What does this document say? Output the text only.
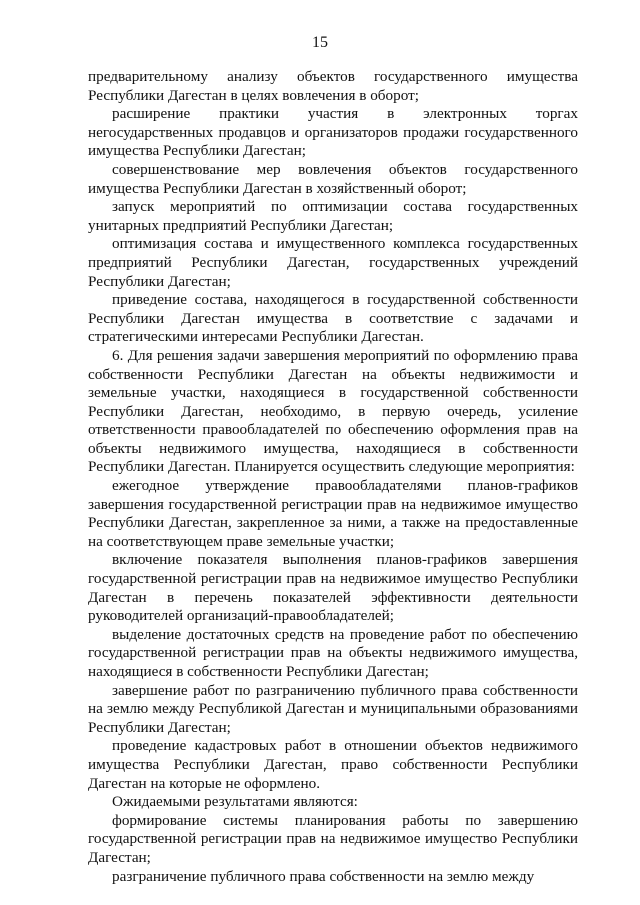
15

предварительному анализу объектов государственного имущества Республики Дагестан в целях вовлечения в оборот;

расширение практики участия в электронных торгах негосударственных продавцов и организаторов продажи государственного имущества Республики Дагестан;

совершенствование мер вовлечения объектов государственного имущества Республики Дагестан в хозяйственный оборот;

запуск мероприятий по оптимизации состава государственных унитарных предприятий Республики Дагестан;

оптимизация состава и имущественного комплекса государственных предприятий Республики Дагестан, государственных учреждений Республики Дагестан;

приведение состава, находящегося в государственной собственности Республики Дагестан имущества в соответствие с задачами и стратегическими интересами Республики Дагестан.

6. Для решения задачи завершения мероприятий по оформлению права собственности Республики Дагестан на объекты недвижимости и земельные участки, находящиеся в государственной собственности Республики Дагестан, необходимо, в первую очередь, усиление ответственности правообладателей по обеспечению оформления прав на объекты недвижимого имущества, находящиеся в собственности Республики Дагестан. Планируется осуществить следующие мероприятия:

ежегодное утверждение правообладателями планов-графиков завершения государственной регистрации прав на недвижимое имущество Республики Дагестан, закрепленное за ними, а также на предоставленные на соответствующем праве земельные участки;

включение показателя выполнения планов-графиков завершения государственной регистрации прав на недвижимое имущество Республики Дагестан в перечень показателей эффективности деятельности руководителей организаций-правообладателей;

выделение достаточных средств на проведение работ по обеспечению государственной регистрации прав на объекты недвижимого имущества, находящиеся в собственности Республики Дагестан;

завершение работ по разграничению публичного права собственности на землю между Республикой Дагестан и муниципальными образованиями Республики Дагестан;

проведение кадастровых работ в отношении объектов недвижимого имущества Республики Дагестан, право собственности Республики Дагестан на которые не оформлено.

Ожидаемыми результатами являются:

формирование системы планирования работы по завершению государственной регистрации прав на недвижимое имущество Республики Дагестан;

разграничение публичного права собственности на землю между
